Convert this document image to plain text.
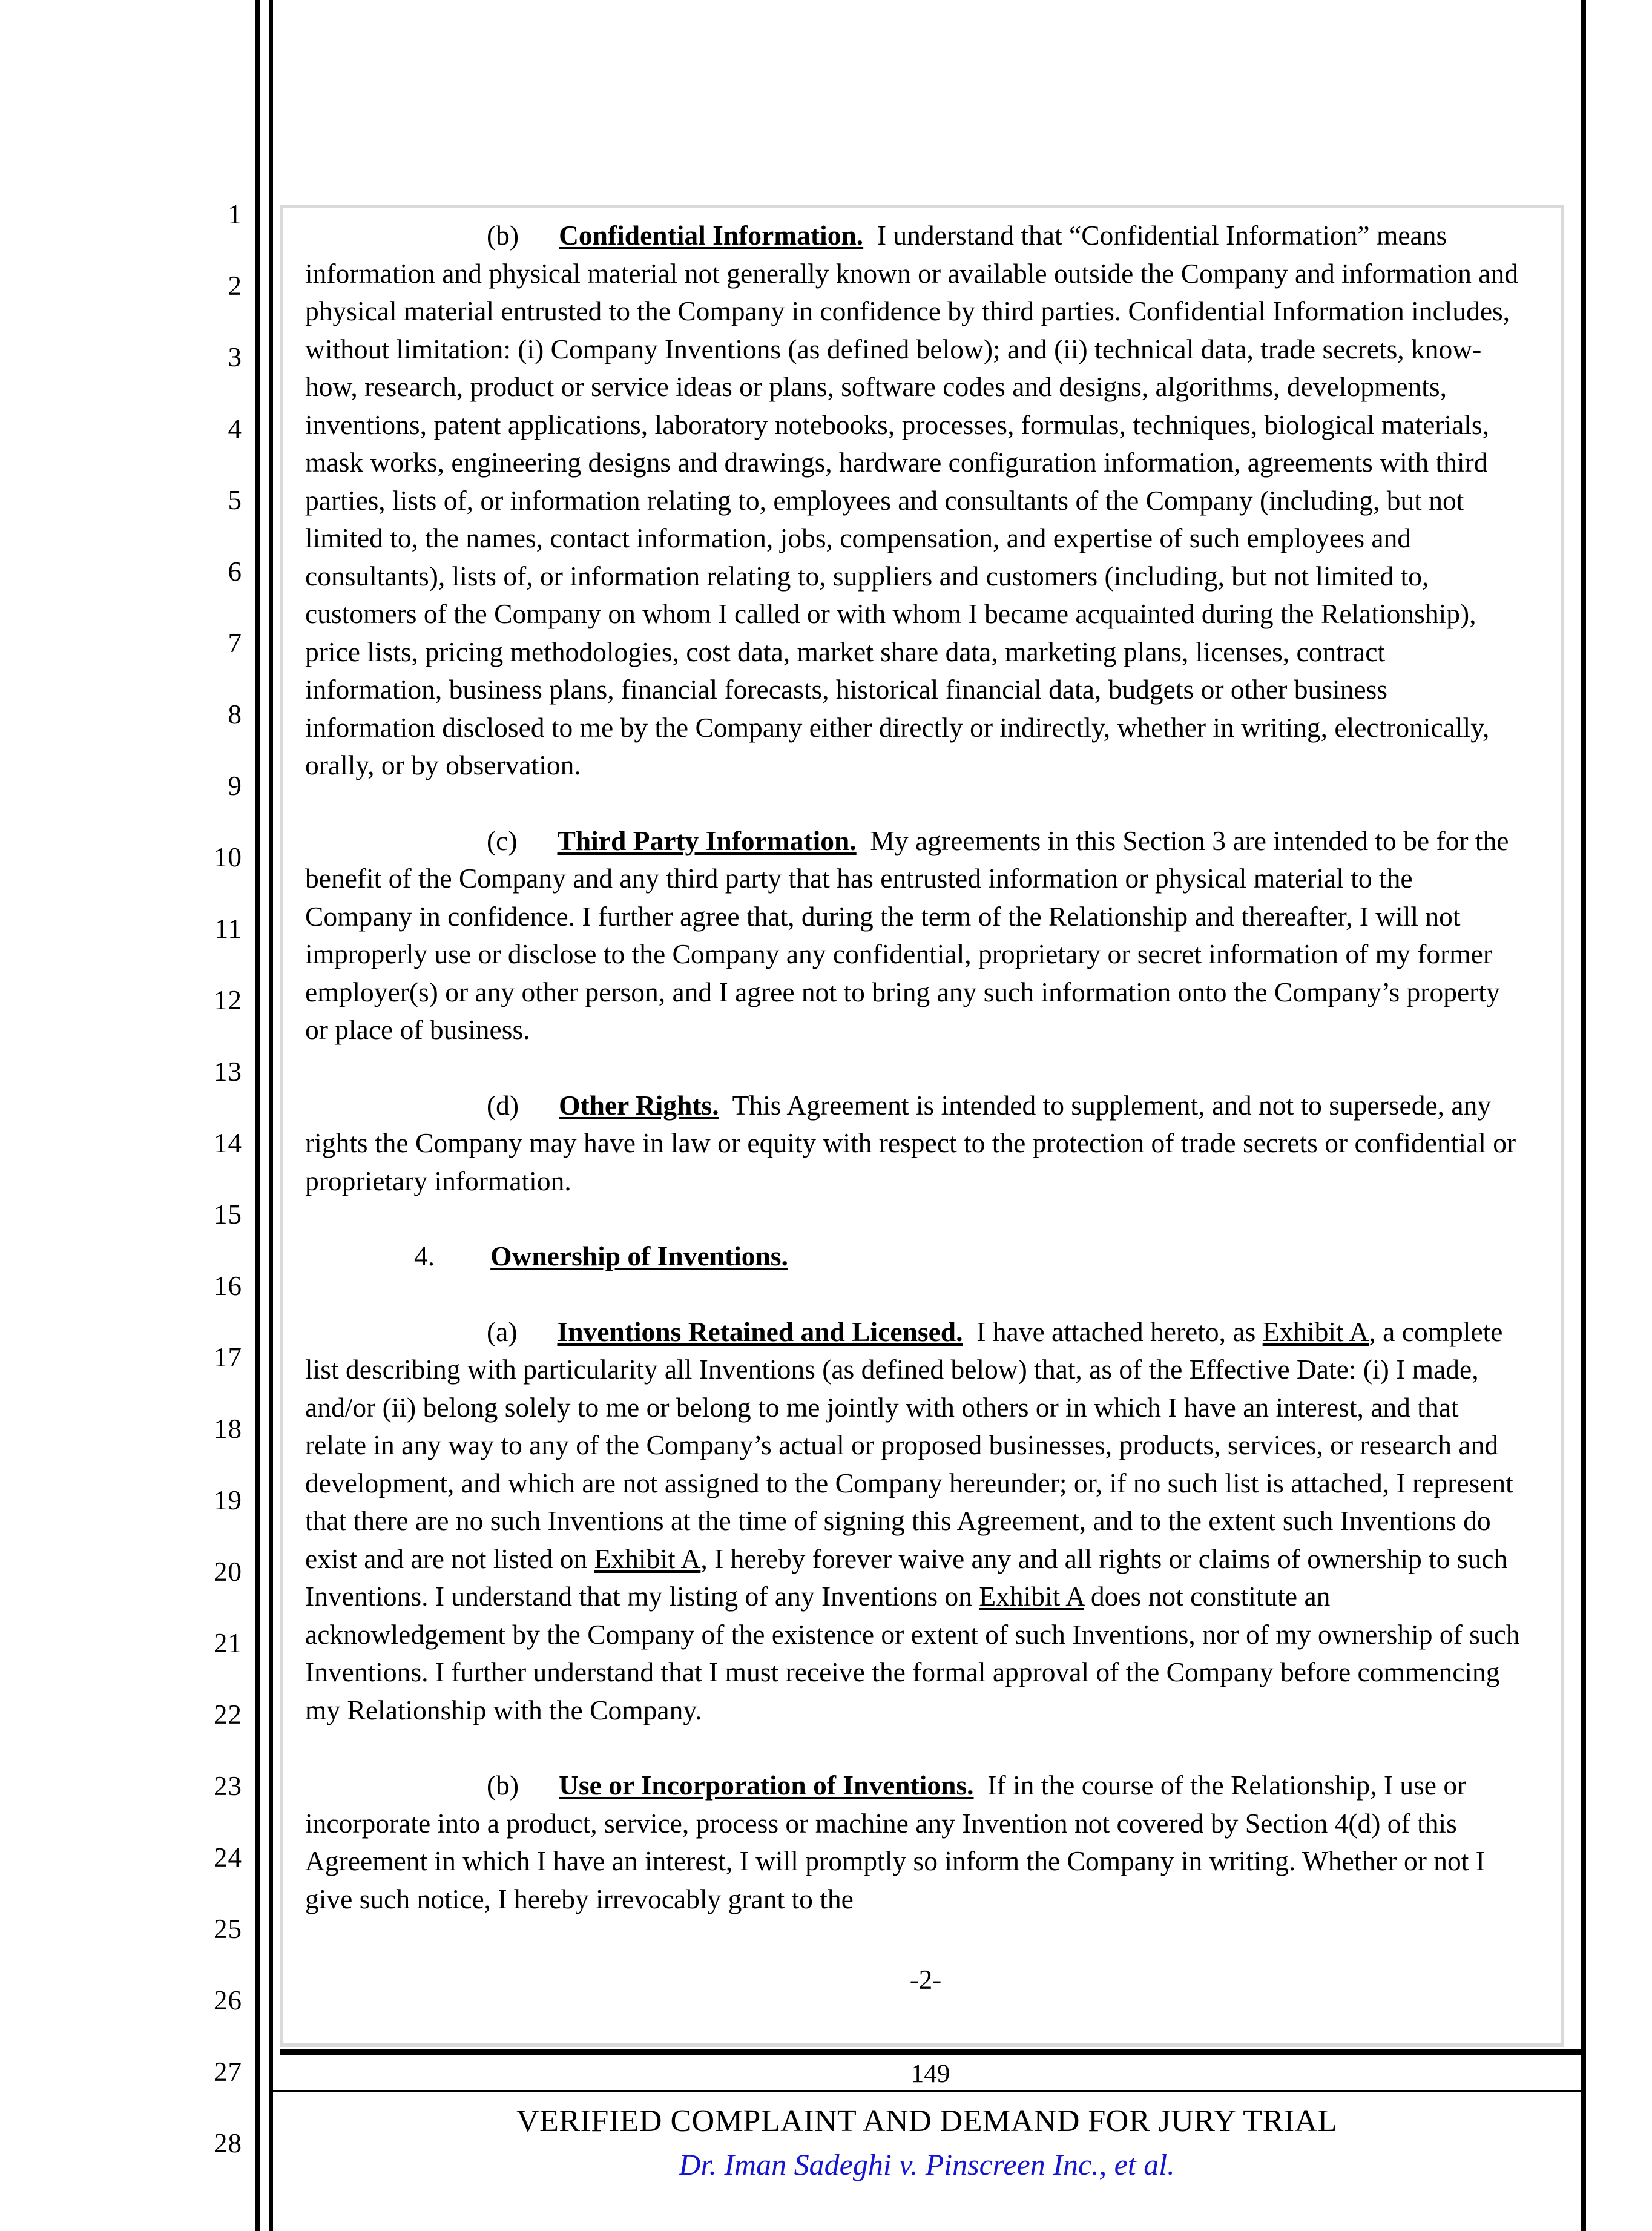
1
2
3
4
5
6
7
8
9
10
11
12
13
14
15
16
17
18
19
20
21
22
23
24
25
26
27
28

(b) Confidential Information. I understand that “Confidential Information” means information and physical material not generally known or available outside the Company and information and physical material entrusted to the Company in confidence by third parties. Confidential Information includes, without limitation: (i) Company Inventions (as defined below); and (ii) technical data, trade secrets, know-how, research, product or service ideas or plans, software codes and designs, algorithms, developments, inventions, patent applications, laboratory notebooks, processes, formulas, techniques, biological materials, mask works, engineering designs and drawings, hardware configuration information, agreements with third parties, lists of, or information relating to, employees and consultants of the Company (including, but not limited to, the names, contact information, jobs, compensation, and expertise of such employees and consultants), lists of, or information relating to, suppliers and customers (including, but not limited to, customers of the Company on whom I called or with whom I became acquainted during the Relationship), price lists, pricing methodologies, cost data, market share data, marketing plans, licenses, contract information, business plans, financial forecasts, historical financial data, budgets or other business information disclosed to me by the Company either directly or indirectly, whether in writing, electronically, orally, or by observation.

(c) Third Party Information. My agreements in this Section 3 are intended to be for the benefit of the Company and any third party that has entrusted information or physical material to the Company in confidence. I further agree that, during the term of the Relationship and thereafter, I will not improperly use or disclose to the Company any confidential, proprietary or secret information of my former employer(s) or any other person, and I agree not to bring any such information onto the Company’s property or place of business.

(d) Other Rights. This Agreement is intended to supplement, and not to supersede, any rights the Company may have in law or equity with respect to the protection of trade secrets or confidential or proprietary information.

4. Ownership of Inventions.

(a) Inventions Retained and Licensed. I have attached hereto, as Exhibit A, a complete list describing with particularity all Inventions (as defined below) that, as of the Effective Date: (i) I made, and/or (ii) belong solely to me or belong to me jointly with others or in which I have an interest, and that relate in any way to any of the Company’s actual or proposed businesses, products, services, or research and development, and which are not assigned to the Company hereunder; or, if no such list is attached, I represent that there are no such Inventions at the time of signing this Agreement, and to the extent such Inventions do exist and are not listed on Exhibit A, I hereby forever waive any and all rights or claims of ownership to such Inventions. I understand that my listing of any Inventions on Exhibit A does not constitute an acknowledgement by the Company of the existence or extent of such Inventions, nor of my ownership of such Inventions. I further understand that I must receive the formal approval of the Company before commencing my Relationship with the Company.

(b) Use or Incorporation of Inventions. If in the course of the Relationship, I use or incorporate into a product, service, process or machine any Invention not covered by Section 4(d) of this Agreement in which I have an interest, I will promptly so inform the Company in writing. Whether or not I give such notice, I hereby irrevocably grant to the

-2-
149
VERIFIED COMPLAINT AND DEMAND FOR JURY TRIAL
Dr. Iman Sadeghi v. Pinscreen Inc., et al.
